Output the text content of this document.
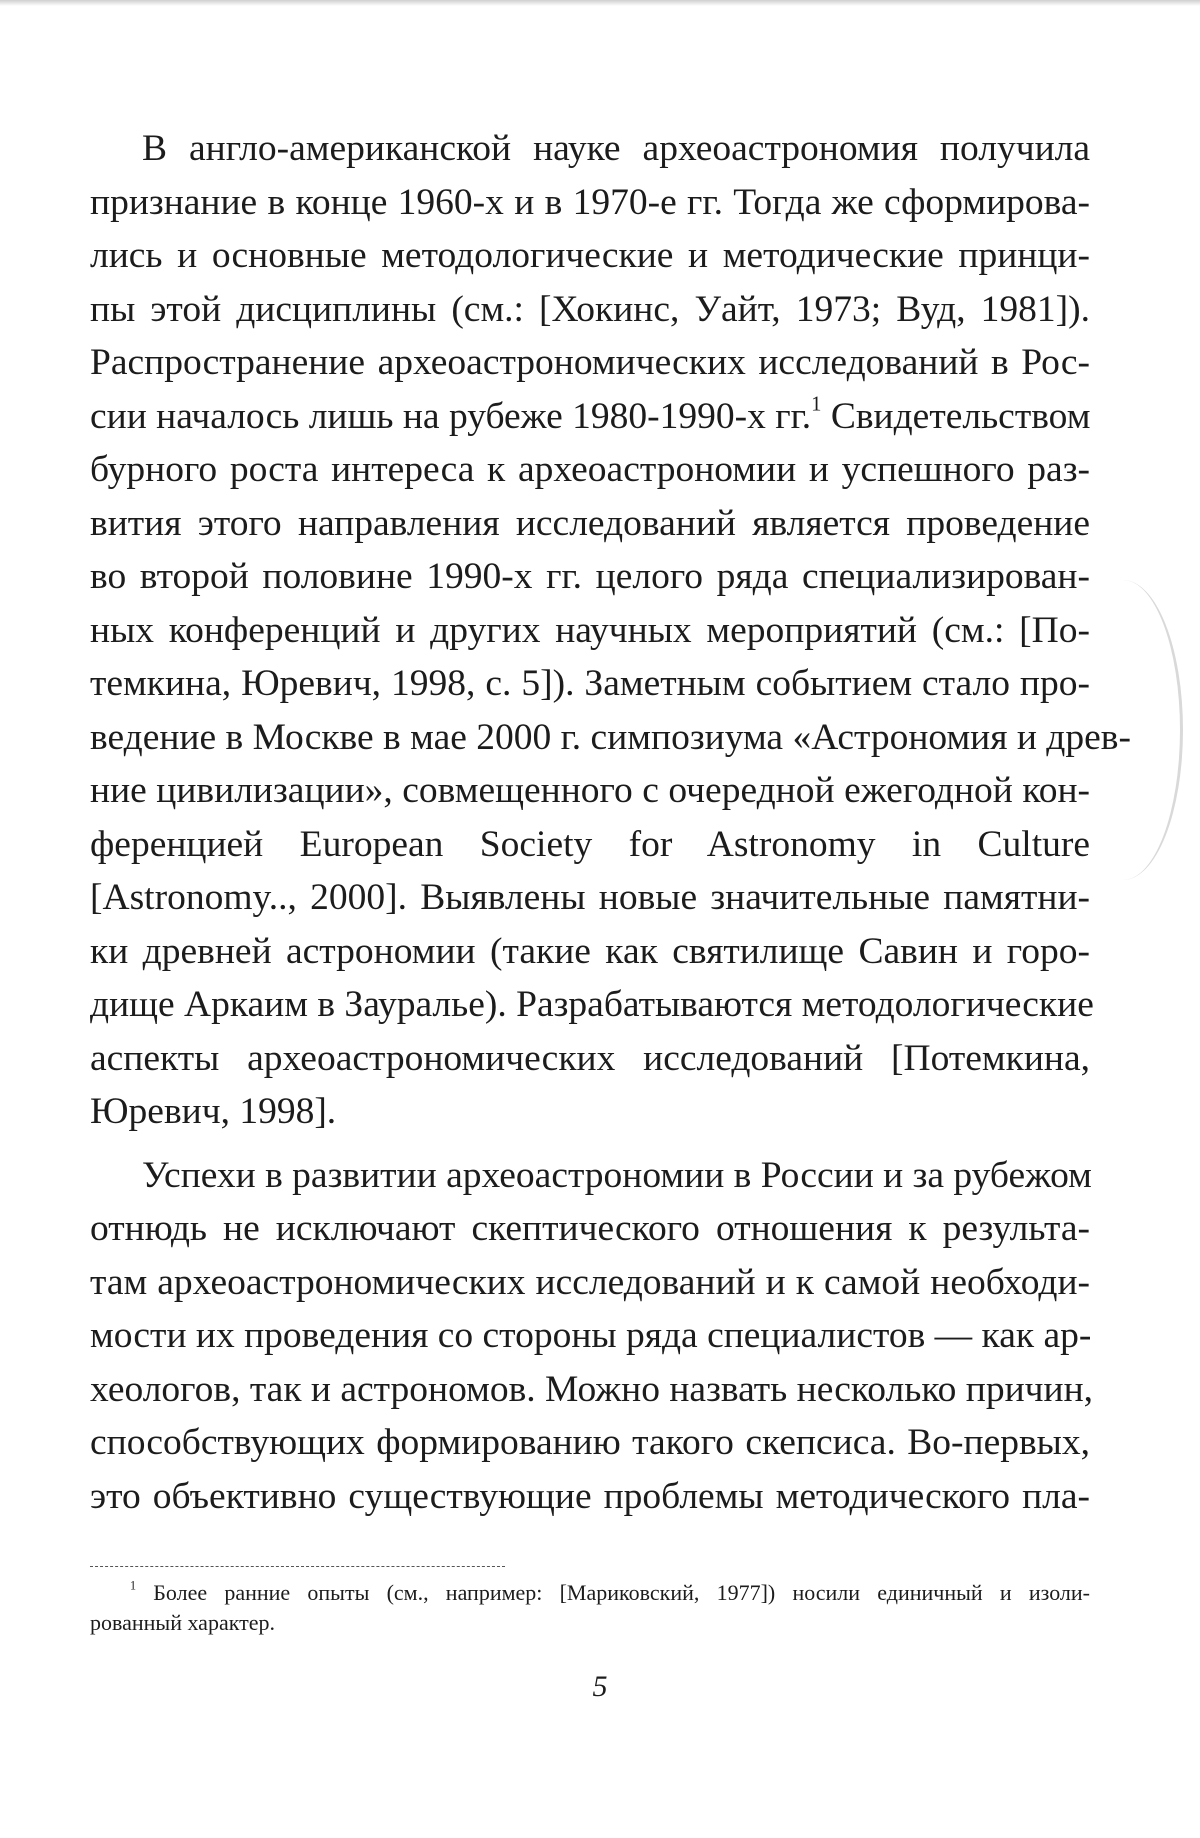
В англо-американской науке археоастрономия получила
признание в конце 1960-х и в 1970-е гг. Тогда же сформирова-
лись и основные методологические и методические принци-
пы этой дисциплины (см.: [Хокинс, Уайт, 1973; Вуд, 1981]).
Распространение археоастрономических исследований в Рос-
сии началось лишь на рубеже 1980-1990-х гг.$^1$ Свидетельством
бурного роста интереса к археоастрономии и успешного раз-
вития этого направления исследований является проведение
во второй половине 1990-х гг. целого ряда специализирован-
ных конференций и других научных мероприятий (см.: [По-
темкина, Юревич, 1998, с. 5]). Заметным событием стало про-
ведение в Москве в мае 2000 г. симпозиума «Астрономия и древ-
ние цивилизации», совмещенного с очередной ежегодной кон-
ференцией European Society for Astronomy in Culture
[Astronomy.., 2000]. Выявлены новые значительные памятни-
ки древней астрономии (такие как святилище Савин и горо-
дище Аркаим в Зауралье). Разрабатываются методологические
аспекты археоастрономических исследований [Потемкина,
Юревич, 1998].
Успехи в развитии археоастрономии в России и за рубежом
отнюдь не исключают скептического отношения к результа-
там археоастрономических исследований и к самой необходи-
мости их проведения со стороны ряда специалистов — как ар-
хеологов, так и астрономов. Можно назвать несколько причин,
способствующих формированию такого скепсиса. Во-первых,
это объективно существующие проблемы методического пла-
$^1$ Более ранние опыты (см., например: [Мариковский, 1977]) носили единичный и изоли-
рованный характер.
5
